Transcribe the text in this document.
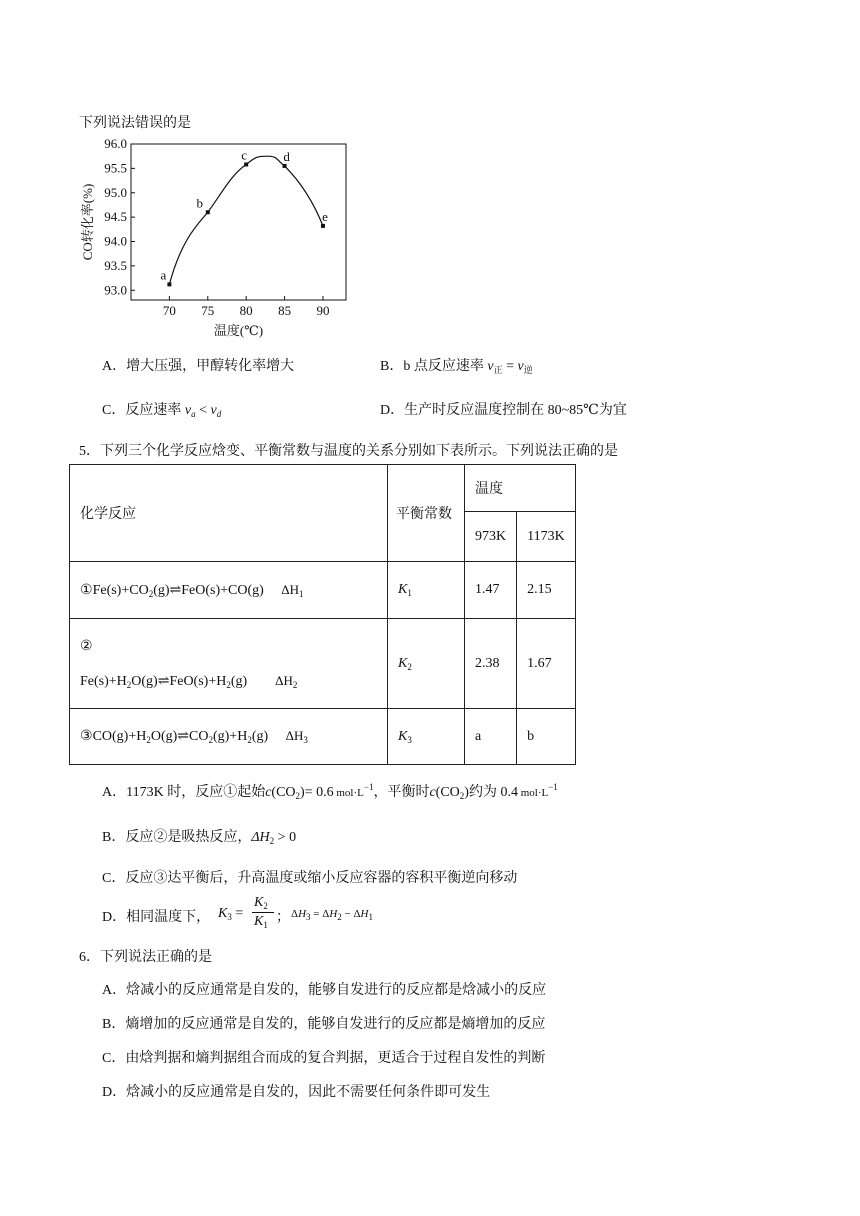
下列说法错误的是
70 75 80 85 90
93.0
93.5
94.0
94.5
95.0
95.5
96.0
a
b
c	d
e
温度(℃)
CO转化率(%)
A．增大压强，甲醇转化率增大	B．b 点反应速率 $v_正 = v_逆$
C．反应速率 $v_a < v_d$	D．生产时反应温度控制在 80~85℃为宜
5．下列三个化学反应焓变、平衡常数与温度的关系分别如下表所示。下列说法正确的是
化学反应	平衡常数	温度	
		973K	1173K
$①Fe(s)+CO_2(g)\rightleftharpoons FeO(s)+CO(g)$     $\Delta H_1$	$K_1$	1.47	2.15

②
$Fe(s)+H_2O(g)\rightleftharpoons FeO(s)+H_2(g)$        $\Delta H_2$	$K_2$	2.38	1.67
$③CO(g)+H_2O(g)\rightleftharpoons CO_2(g)+H_2(g)$     $\Delta H_3$	$K_3$	a	b
A．1173K 时，反应①起始$c(CO_2)= 0.6$ $mol\cdot L^{-1}$，平衡时$c(CO_2)$约为 0.4 $mol\cdot L^{-1}$
B．反应②是吸热反应，$\Delta H_2 > 0$
C．反应③达平衡后，升高温度或缩小反应容器的容积平衡逆向移动
D．相同温度下， $K_3$ =
$K_2$
$K_1$ ； $\Delta H_3 = \Delta H_2 - \Delta H_1$
6．下列说法正确的是
A．焓减小的反应通常是自发的，能够自发进行的反应都是焓减小的反应
B．熵增加的反应通常是自发的，能够自发进行的反应都是熵增加的反应
C．由焓判据和熵判据组合而成的复合判据，更适合于过程自发性的判断
D．焓减小的反应通常是自发的，因此不需要任何条件即可发生
